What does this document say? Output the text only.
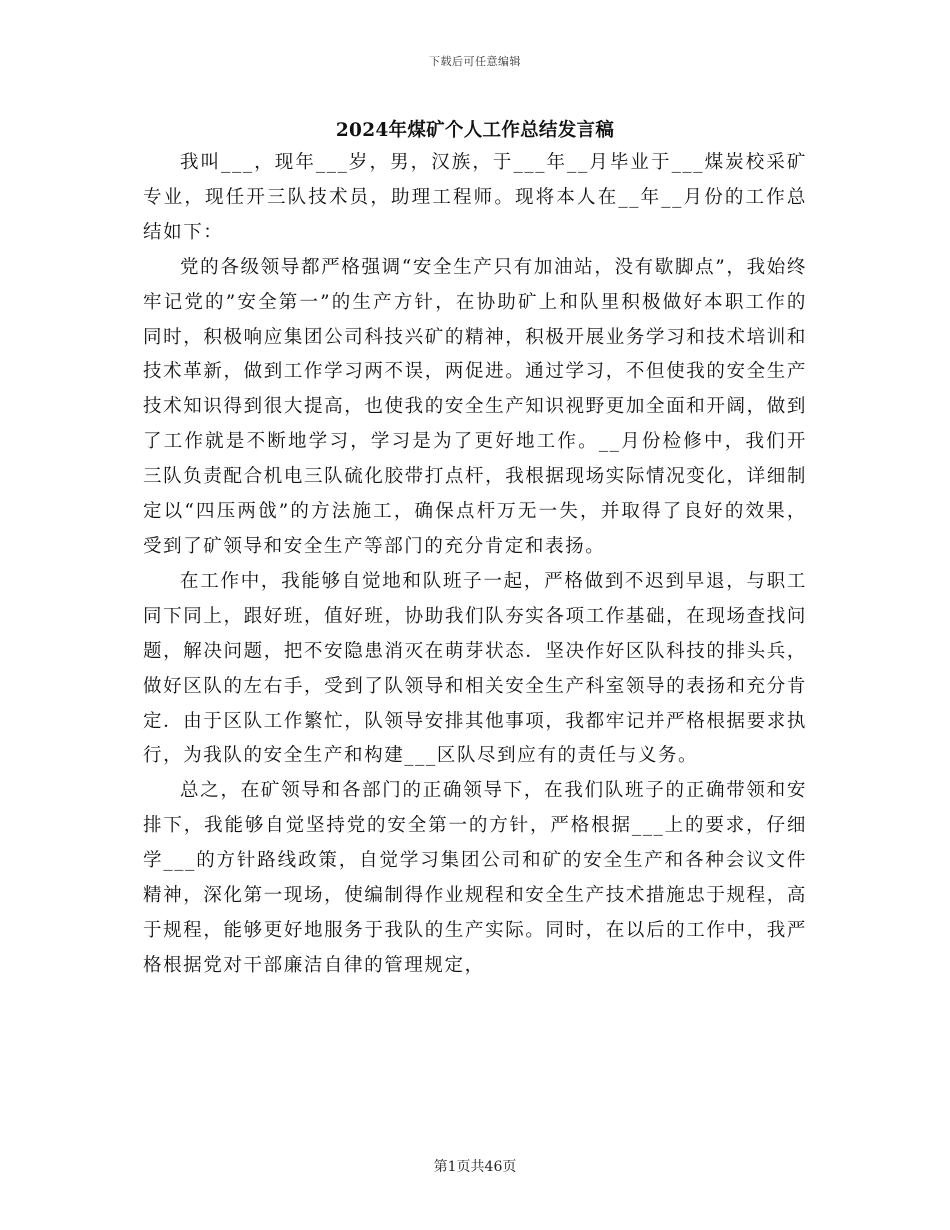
下载后可任意编辑
2024年煤矿个人工作总结发言稿

我叫___，现年___岁，男，汉族，于___年__月毕业于___煤炭校采矿专业，现任开三队技术员，助理工程师。现将本人在__年__月份的工作总结如下：

党的各级领导都严格强调“安全生产只有加油站，没有歇脚点”，我始终牢记党的”安全第一”的生产方针，在协助矿上和队里积极做好本职工作的同时，积极响应集团公司科技兴矿的精神，积极开展业务学习和技术培训和技术革新，做到工作学习两不误，两促进。通过学习，不但使我的安全生产技术知识得到很大提高，也使我的安全生产知识视野更加全面和开阔，做到了工作就是不断地学习，学习是为了更好地工作。__月份检修中，我们开三队负责配合机电三队硫化胶带打点杆，我根据现场实际情况变化，详细制定以“四压两戗”的方法施工，确保点杆万无一失，并取得了良好的效果，受到了矿领导和安全生产等部门的充分肯定和表扬。

在工作中，我能够自觉地和队班子一起，严格做到不迟到早退，与职工同下同上，跟好班，值好班，协助我们队夯实各项工作基础，在现场查找问题，解决问题，把不安隐患消灭在萌芽状态．坚决作好区队科技的排头兵，做好区队的左右手，受到了队领导和相关安全生产科室领导的表扬和充分肯定．由于区队工作繁忙，队领导安排其他事项，我都牢记并严格根据要求执行，为我队的安全生产和构建___区队尽到应有的责任与义务。

总之，在矿领导和各部门的正确领导下，在我们队班子的正确带领和安排下，我能够自觉坚持党的安全第一的方针，严格根据___上的要求，仔细学___的方针路线政策，自觉学习集团公司和矿的安全生产和各种会议文件精神，深化第一现场，使编制得作业规程和安全生产技术措施忠于规程，高于规程，能够更好地服务于我队的生产实际。同时，在以后的工作中，我严格根据党对干部廉洁自律的管理规定，

第1页共46页
